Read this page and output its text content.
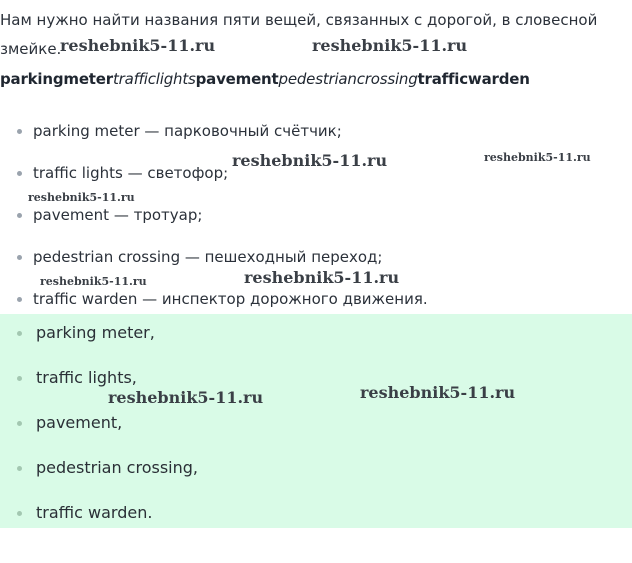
Нам нужно найти названия пяти вещей, связанных с дорогой, в словесной змейке.
parkingmetertrafficlightspavementpedestriancrossingtrafficwarden
parking meter — парковочный счётчик;
traffic lights — светофор;
pavement — тротуар;
pedestrian crossing — пешеходный переход;
traffic warden — инспектор дорожного движения.
parking meter,
traffic lights,
pavement,
pedestrian crossing,
traffic warden.
reshebnik5-11.ru	reshebnik5-11.ru
reshebnik5-11.ru	reshebnik5-11.ru
reshebnik5-11.ru
reshebnik5-11.ru	reshebnik5-11.ru
reshebnik5-11.ru	reshebnik5-11.ru
